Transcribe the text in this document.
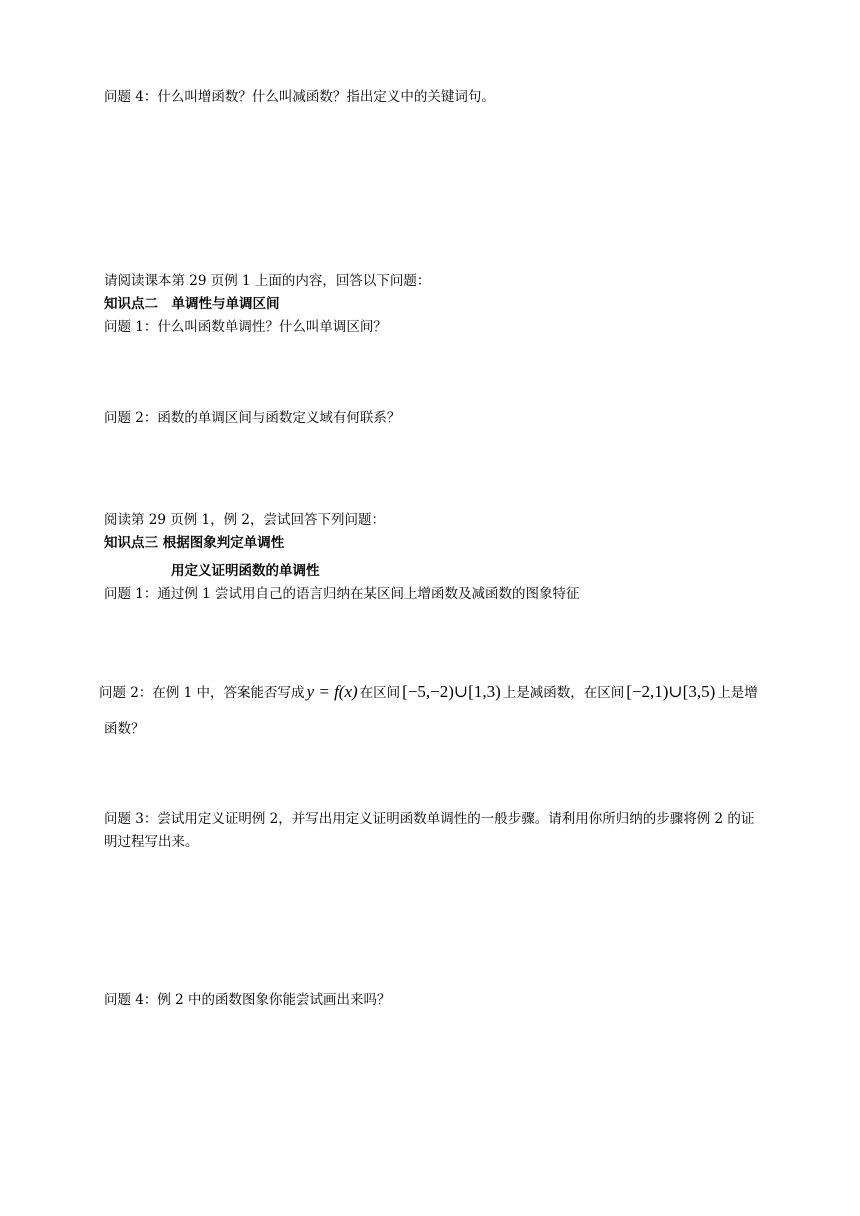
问题 4：什么叫增函数？什么叫减函数？指出定义中的关键词句。
请阅读课本第 29 页例 1 上面的内容，回答以下问题：
知识点二　单调性与单调区间
问题 1：什么叫函数单调性？什么叫单调区间？
问题 2：函数的单调区间与函数定义域有何联系？
阅读第 29 页例 1，例 2，尝试回答下列问题：
知识点三 根据图象判定单调性
用定义证明函数的单调性
问题 1：通过例 1 尝试用自己的语言归纳在某区间上增函数及减函数的图象特征
问题 2：在例 1 中，答案能否写成 y = f(x) 在区间 [−5,−2)∪[1,3) 上是减函数，在区间 [−2,1)∪[3,5) 上是增
函数？
问题 3：尝试用定义证明例 2，并写出用定义证明函数单调性的一般步骤。请利用你所归纳的步骤将例 2 的证
明过程写出来。
问题 4：例 2 中的函数图象你能尝试画出来吗？
